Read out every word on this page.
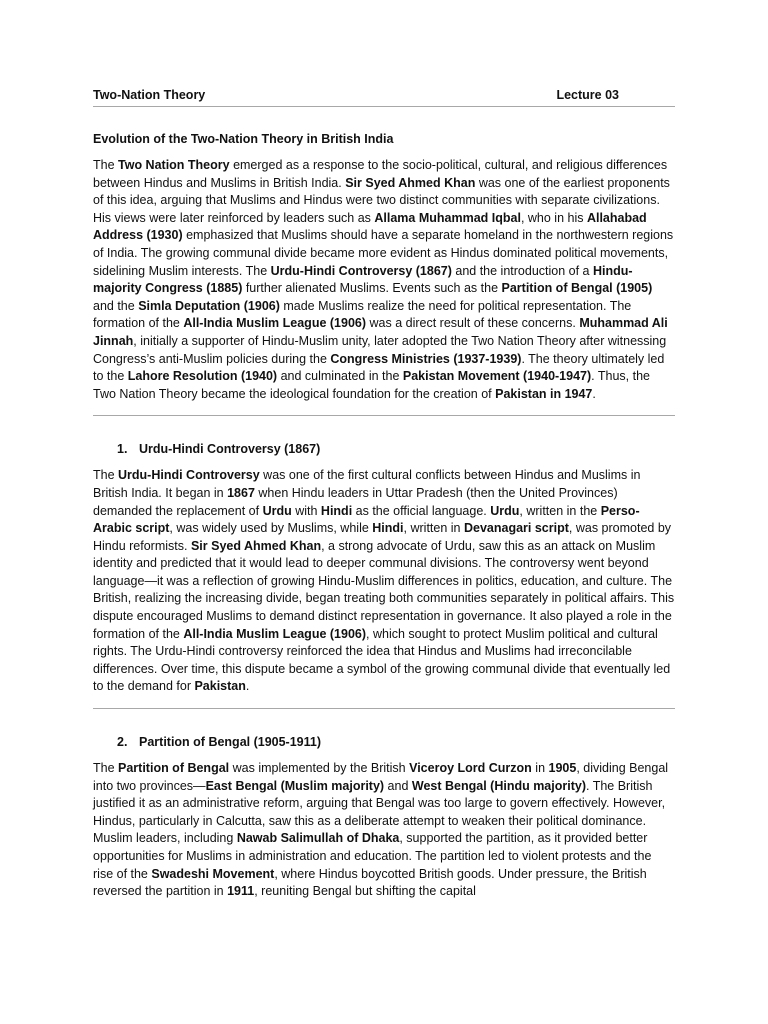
Two-Nation Theory	Lecture 03
Evolution of the Two-Nation Theory in British India

The Two Nation Theory emerged as a response to the socio-political, cultural, and religious differences between Hindus and Muslims in British India. Sir Syed Ahmed Khan was one of the earliest proponents of this idea, arguing that Muslims and Hindus were two distinct communities with separate civilizations. His views were later reinforced by leaders such as Allama Muhammad Iqbal, who in his Allahabad Address (1930) emphasized that Muslims should have a separate homeland in the northwestern regions of India. The growing communal divide became more evident as Hindus dominated political movements, sidelining Muslim interests. The Urdu-Hindi Controversy (1867) and the introduction of a Hindu-majority Congress (1885) further alienated Muslims. Events such as the Partition of Bengal (1905) and the Simla Deputation (1906) made Muslims realize the need for political representation. The formation of the All-India Muslim League (1906) was a direct result of these concerns. Muhammad Ali Jinnah, initially a supporter of Hindu-Muslim unity, later adopted the Two Nation Theory after witnessing Congress’s anti-Muslim policies during the Congress Ministries (1937-1939). The theory ultimately led to the Lahore Resolution (1940) and culminated in the Pakistan Movement (1940-1947). Thus, the Two Nation Theory became the ideological foundation for the creation of Pakistan in 1947.

1. Urdu-Hindi Controversy (1867)

The Urdu-Hindi Controversy was one of the first cultural conflicts between Hindus and Muslims in British India. It began in 1867 when Hindu leaders in Uttar Pradesh (then the United Provinces) demanded the replacement of Urdu with Hindi as the official language. Urdu, written in the Perso-Arabic script, was widely used by Muslims, while Hindi, written in Devanagari script, was promoted by Hindu reformists. Sir Syed Ahmed Khan, a strong advocate of Urdu, saw this as an attack on Muslim identity and predicted that it would lead to deeper communal divisions. The controversy went beyond language—it was a reflection of growing Hindu-Muslim differences in politics, education, and culture. The British, realizing the increasing divide, began treating both communities separately in political affairs. This dispute encouraged Muslims to demand distinct representation in governance. It also played a role in the formation of the All-India Muslim League (1906), which sought to protect Muslim political and cultural rights. The Urdu-Hindi controversy reinforced the idea that Hindus and Muslims had irreconcilable differences. Over time, this dispute became a symbol of the growing communal divide that eventually led to the demand for Pakistan.

2. Partition of Bengal (1905-1911)

The Partition of Bengal was implemented by the British Viceroy Lord Curzon in 1905, dividing Bengal into two provinces—East Bengal (Muslim majority) and West Bengal (Hindu majority). The British justified it as an administrative reform, arguing that Bengal was too large to govern effectively. However, Hindus, particularly in Calcutta, saw this as a deliberate attempt to weaken their political dominance. Muslim leaders, including Nawab Salimullah of Dhaka, supported the partition, as it provided better opportunities for Muslims in administration and education. The partition led to violent protests and the rise of the Swadeshi Movement, where Hindus boycotted British goods. Under pressure, the British reversed the partition in 1911, reuniting Bengal but shifting the capital
